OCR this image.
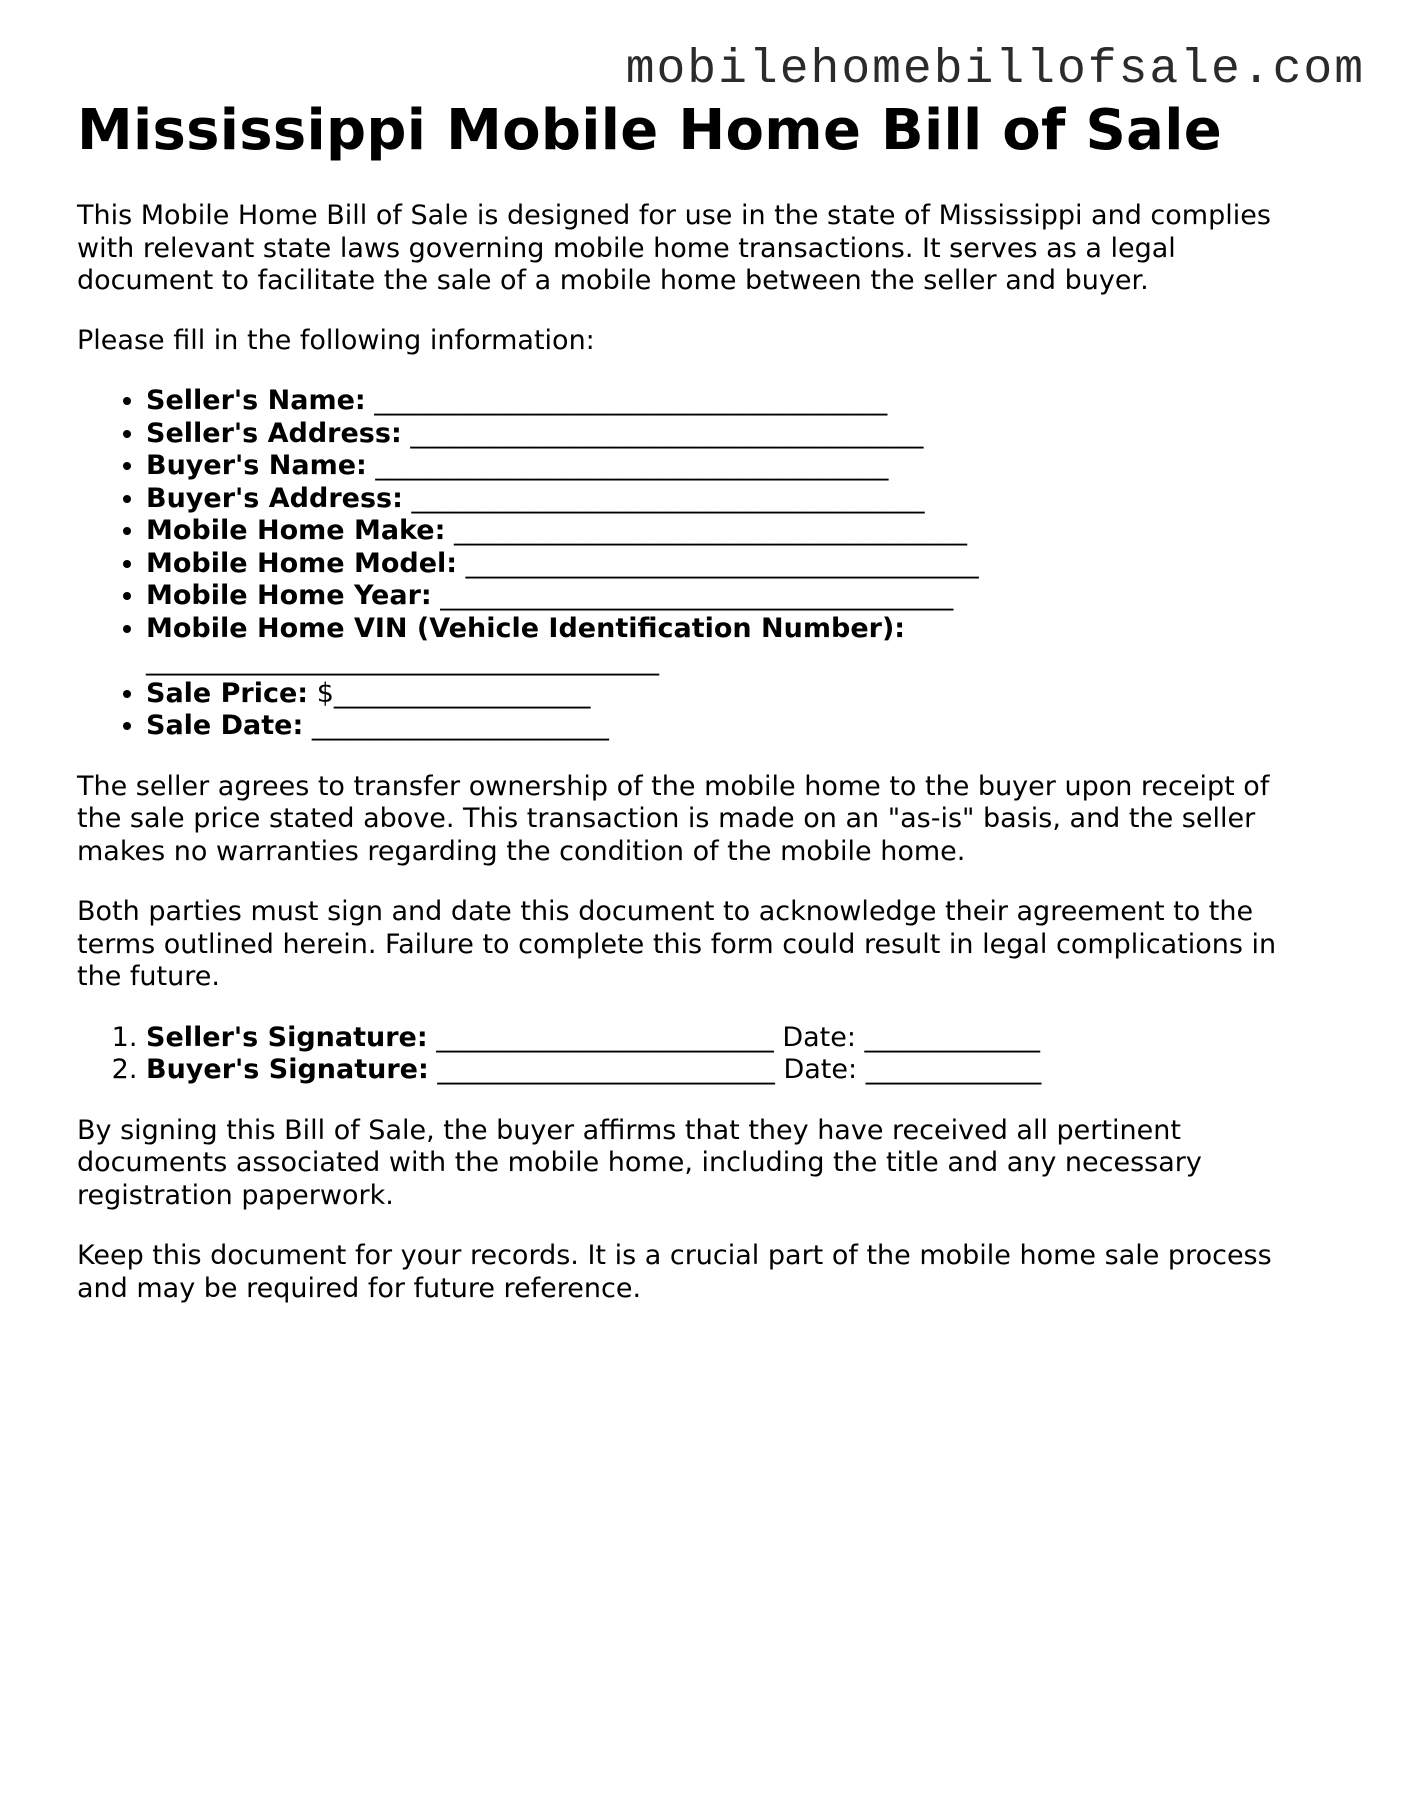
mobilehomebillofsale.com
Mississippi Mobile Home Bill of Sale

This Mobile Home Bill of Sale is designed for use in the state of Mississippi and complies with relevant state laws governing mobile home transactions. It serves as a legal document to facilitate the sale of a mobile home between the seller and buyer.

Please fill in the following information:

• Seller's Name: ______________________________________
• Seller's Address: ______________________________________
• Buyer's Name: ______________________________________
• Buyer's Address: ______________________________________
• Mobile Home Make: ______________________________________
• Mobile Home Model: ______________________________________
• Mobile Home Year: ______________________________________
• Mobile Home VIN (Vehicle Identification Number):
______________________________________
• Sale Price: $___________________
• Sale Date: ______________________

The seller agrees to transfer ownership of the mobile home to the buyer upon receipt of the sale price stated above. This transaction is made on an "as-is" basis, and the seller makes no warranties regarding the condition of the mobile home.

Both parties must sign and date this document to acknowledge their agreement to the terms outlined herein. Failure to complete this form could result in legal complications in the future.

1. Seller's Signature: _________________________ Date: _____________
2. Buyer's Signature: _________________________ Date: _____________

By signing this Bill of Sale, the buyer affirms that they have received all pertinent documents associated with the mobile home, including the title and any necessary registration paperwork.

Keep this document for your records. It is a crucial part of the mobile home sale process and may be required for future reference.
